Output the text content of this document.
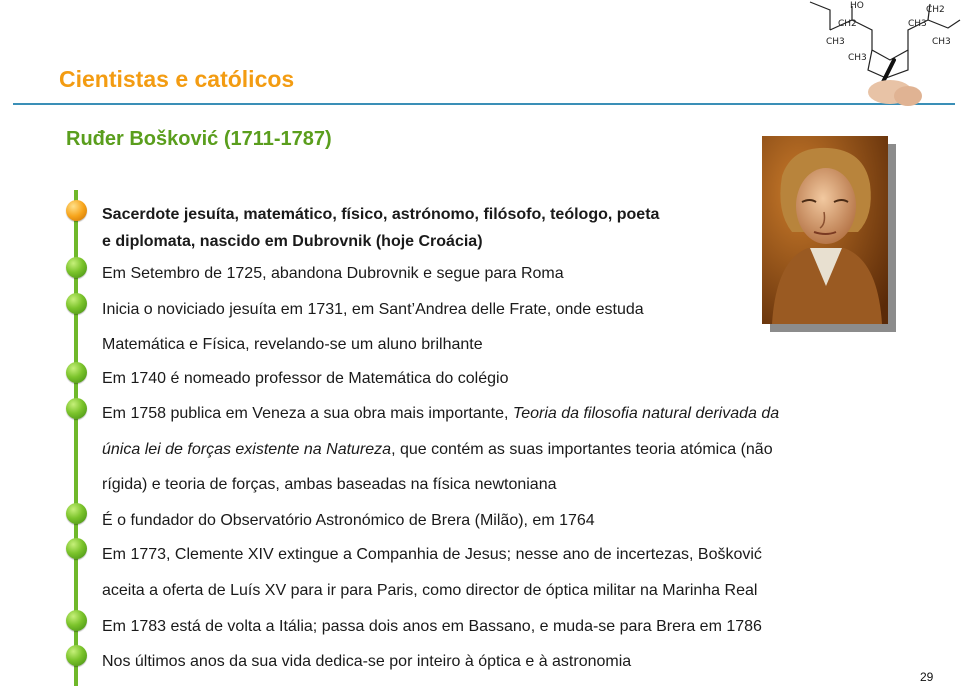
Cientistas e católicos
CH2
CH3
CH3
CH3
CH2
CH3
HO
Ruđer Bošković (1711-1787)
Sacerdote jesuíta, matemático, físico, astrónomo, filósofo, teólogo, poeta
e diplomata, nascido em Dubrovnik (hoje Croácia)
Em Setembro de 1725, abandona Dubrovnik e segue para Roma
Inicia o noviciado jesuíta em 1731, em Sant’Andrea delle Frate, onde estuda
Matemática e Física, revelando-se um aluno brilhante
Em 1740 é nomeado professor de Matemática do colégio
Em 1758 publica em Veneza a sua obra mais importante, Teoria da filosofia natural derivada da
única lei de forças existente na Natureza, que contém as suas importantes teoria atómica (não
rígida) e teoria de forças, ambas baseadas na física newtoniana
É o fundador do Observatório Astronómico de Brera (Milão), em 1764
Em 1773, Clemente XIV extingue a Companhia de Jesus; nesse ano de incertezas, Bošković
aceita a oferta de Luís XV para ir para Paris, como director de óptica militar na Marinha Real
Em 1783 está de volta a Itália; passa dois anos em Bassano, e muda-se para Brera em 1786
Nos últimos anos da sua vida dedica-se por inteiro à óptica e à astronomia
29
